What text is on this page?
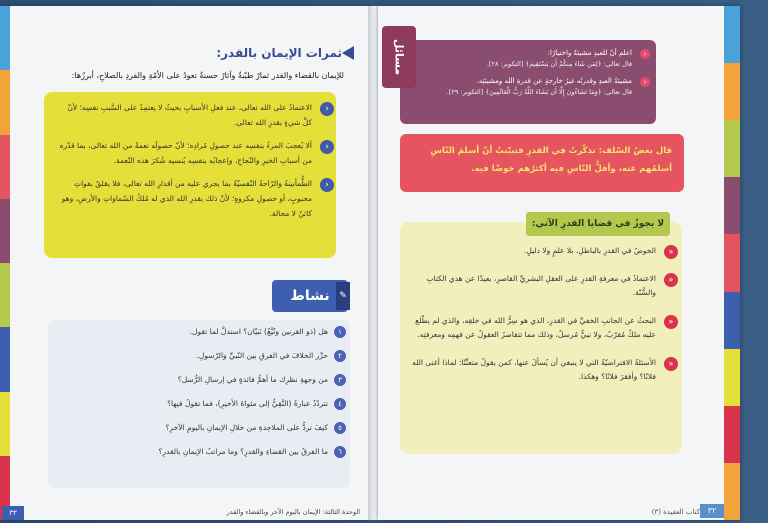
ثمرات الإيمان بالقدر:
للإيمان بالقضاء والقدر ثمارٌ طيّبةٌ وآثارٌ حسنةٌ تعودُ على الأمّةِ والفردِ بالصلاحِ، أبرزُها:
‹
الاعتمادُ على الله تعالى، عند فعلِ الأسبابِ بحيثُ لا يعتمِدُ على السَّببِ نفسِه؛ لأنّ كلَّ شيءٍ بقدرِ الله تعالى.
‹
ألا يُعجبَ المرءُ بنفسِه عند حصولِ مُرادِه؛ لأنّ حصولَه نعمةٌ من الله تعالى، بما قدّره من أسبابِ الخيرِ والنّجاحِ، وإعجابُه بنفسِه يُنسيه شُكرَ هذه النّعمة.
‹
الطُّمأنينةُ والرّاحةُ النّفسيّةُ بما يجري عليه من أقدارِ الله تعالى، فلا يقلقُ بفواتِ محبوبٍ، أو حصولِ مكروهٍ؛ لأنّ ذلك بقدرِ الله الذي له مُلكُ السّماواتِ والأرضِ، وهو كائنٌ لا محالة.
نشاط	✎
١
هل (ذو القرنين وتُبَّعٌ) نَبيّان؟ استدلَّ لما تقول.
٢
حرِّر الخلافَ في الفرقِ بين النّبيِّ والرّسولِ.
٣
من وجهةِ نظرِك ما أهمُّ فائدةٍ في إرسالِ الرُّسل؟
٤
تتردّدُ عبارةُ (التَّقِيُّ إلى مثواهُ الأخيرِ)، فما تقولُ فيها؟
٥
كيفَ تردُّ على الملاحِدةِ من خلالِ الإيمانِ باليومِ الآخرِ؟
٦
ما الفرقُ بين القضاءِ والقدرِ؟ وما مراتبُ الإيمانِ بالقدرِ؟
٣٣	الوحدة الثالثة: الإيمان باليوم الآخر وبالقضاء والقدر
‹
اعلم أنّ للعبدِ مشيئةً واختيارًا:
قال تعالى: ﴿لِمَن شَاءَ مِنكُمْ أَن يَسْتَقِيمَ﴾ [التكوير: ٢٨].
‹
مشيئةُ العبدِ وقدرتُه غيرُ خارجةٍ عن قدرةِ الله ومشيئتِه.
قال تعالى: ﴿وَمَا تَشَاءُونَ إِلَّا أَن يَشَاءَ اللَّهُ رَبُّ الْعَالَمِينَ﴾ [التكوير: ٢٩].
مسائل
قال بعضُ السّلف: تذكّرتُ في القدرِ فتبيّنتُ أنّ أسلمَ النّاسِ أسلمُهم عنه، وأقلُّ النّاسِ فيه أكثرُهم خوضًا فيه.
«
الخوضُ في القدرِ بالباطلِ، بلا علمٍ ولا دليلٍ.
«
الاعتمادُ في معرفةِ القدرِ على العقلِ البشريِّ القاصرِ، بعيدًا عن هدي الكتابِ والسُّنّة.
«
البحثُ عن الجانبِ الخفيِّ في القدرِ، الذي هو سِرُّ الله في خلقِه، والذي لم يطّلع عليه ملكٌ مُقرّبٌ، ولا نبيٌّ مُرسلٌ، وذلك مما تتقاصرُ العقولُ عن فهمِه ومعرفتِه.
«
الأسئلةُ الافتراضيّةُ التي لا ينبغي أن يُسألَ عنها، كمن يقولُ متعنِّتًا: لماذا أغنى الله فلانًا؟ وأفقرَ فلانًا؟ وهكذا.
لا يجوزُ في قضايا القدرِ الآتي:
كتاب العقيدة (٣) ٣٢
